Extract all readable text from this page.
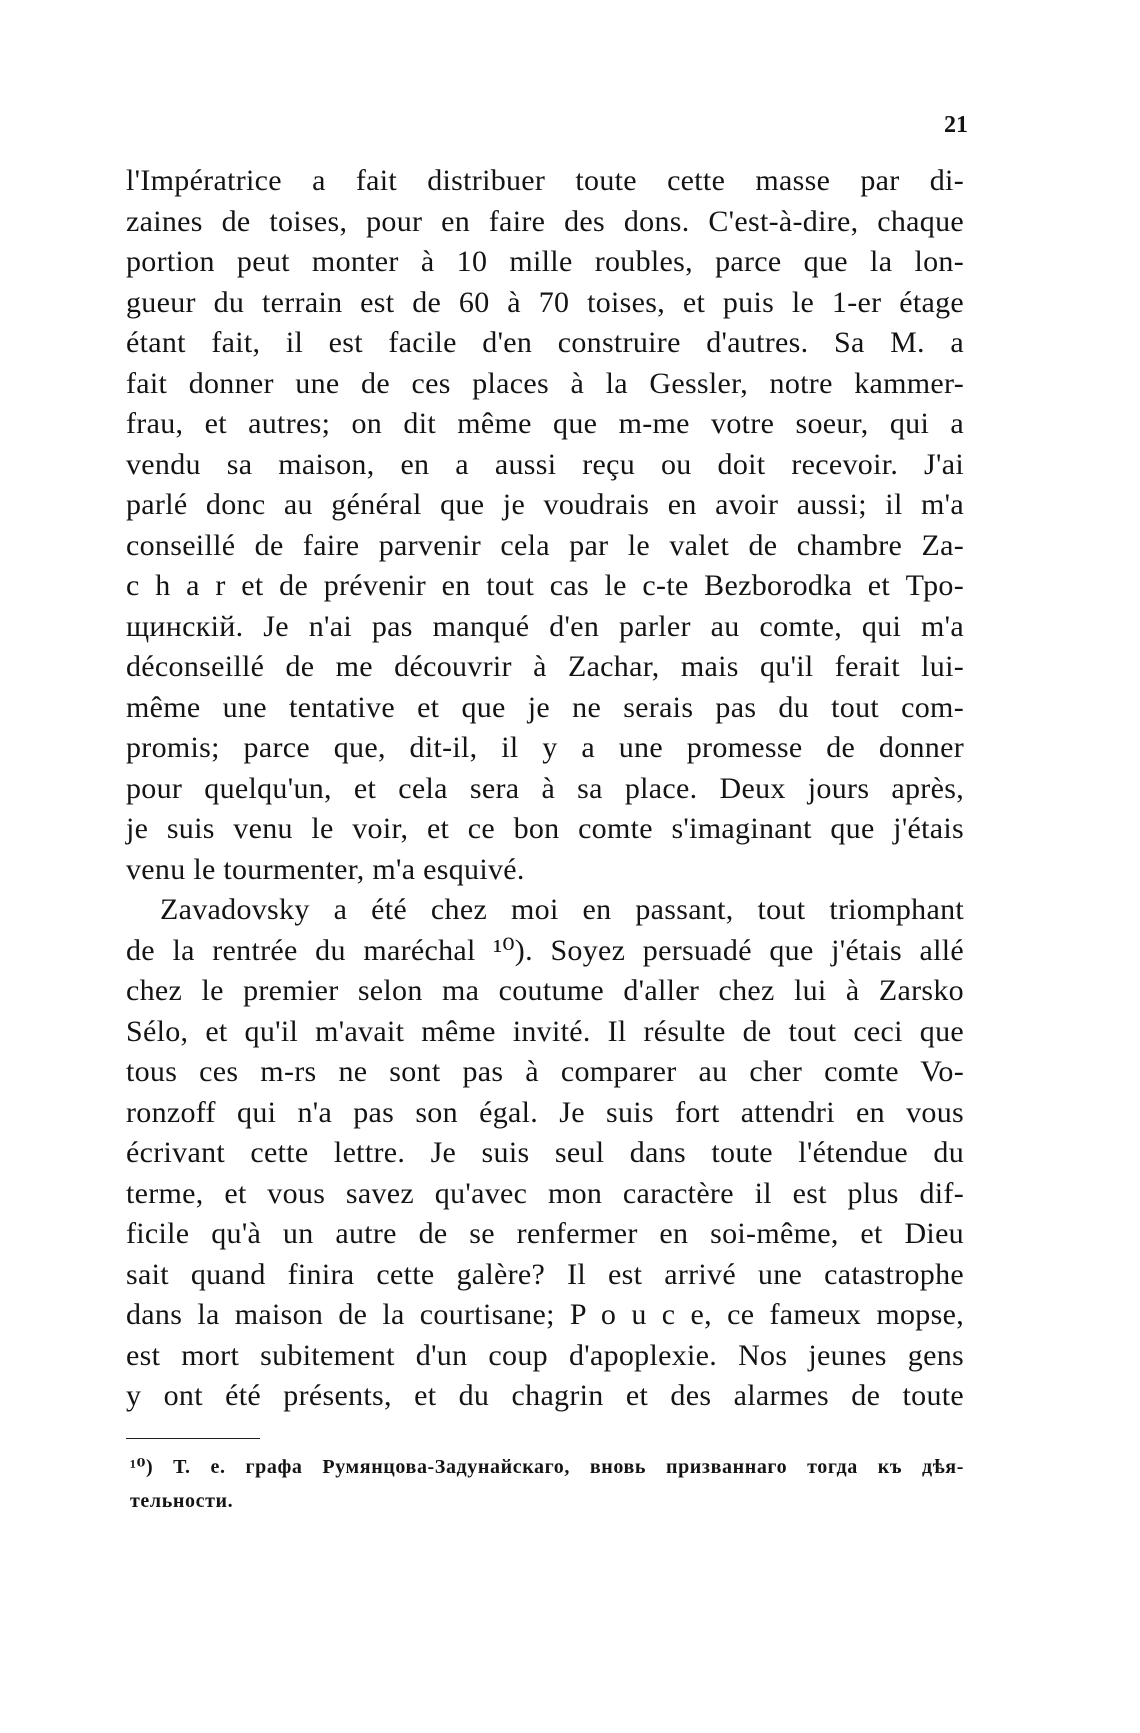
21
l'Impératrice a fait distribuer toute cette masse par di-
zaines de toises, pour en faire des dons. C'est-à-dire, chaque
portion peut monter à 10 mille roubles, parce que la lon-
gueur du terrain est de 60 à 70 toises, et puis le 1-er étage
étant fait, il est facile d'en construire d'autres. Sa M. a
fait donner une de ces places à la Gessler, notre kammer-
frau, et autres; on dit même que m-me votre soeur, qui a
vendu sa maison, en a aussi reçu ou doit recevoir. J'ai
parlé donc au général que je voudrais en avoir aussi; il m'a
conseillé de faire parvenir cela par le valet de chambre Za-
c h a r et de prévenir en tout cas le c-te Bezborodka et Тро-
щинскій. Je n'ai pas manqué d'en parler au comte, qui m'a
déconseillé de me découvrir à Zachar, mais qu'il ferait lui-
même une tentative et que je ne serais pas du tout com-
promis; parce que, dit-il, il y a une promesse de donner
pour quelqu'un, et cela sera à sa place. Deux jours après,
je suis venu le voir, et ce bon comte s'imaginant que j'étais
venu le tourmenter, m'a esquivé.
Zavadovsky a été chez moi en passant, tout triomphant
de la rentrée du maréchal ¹⁰). Soyez persuadé que j'étais allé
chez le premier selon ma coutume d'aller chez lui à Zarsko
Sélo, et qu'il m'avait même invité. Il résulte de tout ceci que
tous ces m-rs ne sont pas à comparer au cher comte Vo-
ronzoff qui n'a pas son égal. Je suis fort attendri en vous
écrivant cette lettre. Je suis seul dans toute l'étendue du
terme, et vous savez qu'avec mon caractère il est plus dif-
ficile qu'à un autre de se renfermer en soi-même, et Dieu
sait quand finira cette galère? Il est arrivé une catastrophe
dans la maison de la courtisane; P o u c e, ce fameux mopse,
est mort subitement d'un coup d'apoplexie. Nos jeunes gens
y ont été présents, et du chagrin et des alarmes de toute
¹⁰) Т. е. графа Румянцова-Задунайскаго, вновь призваннаго тогда къ дѣя-
тельности.
